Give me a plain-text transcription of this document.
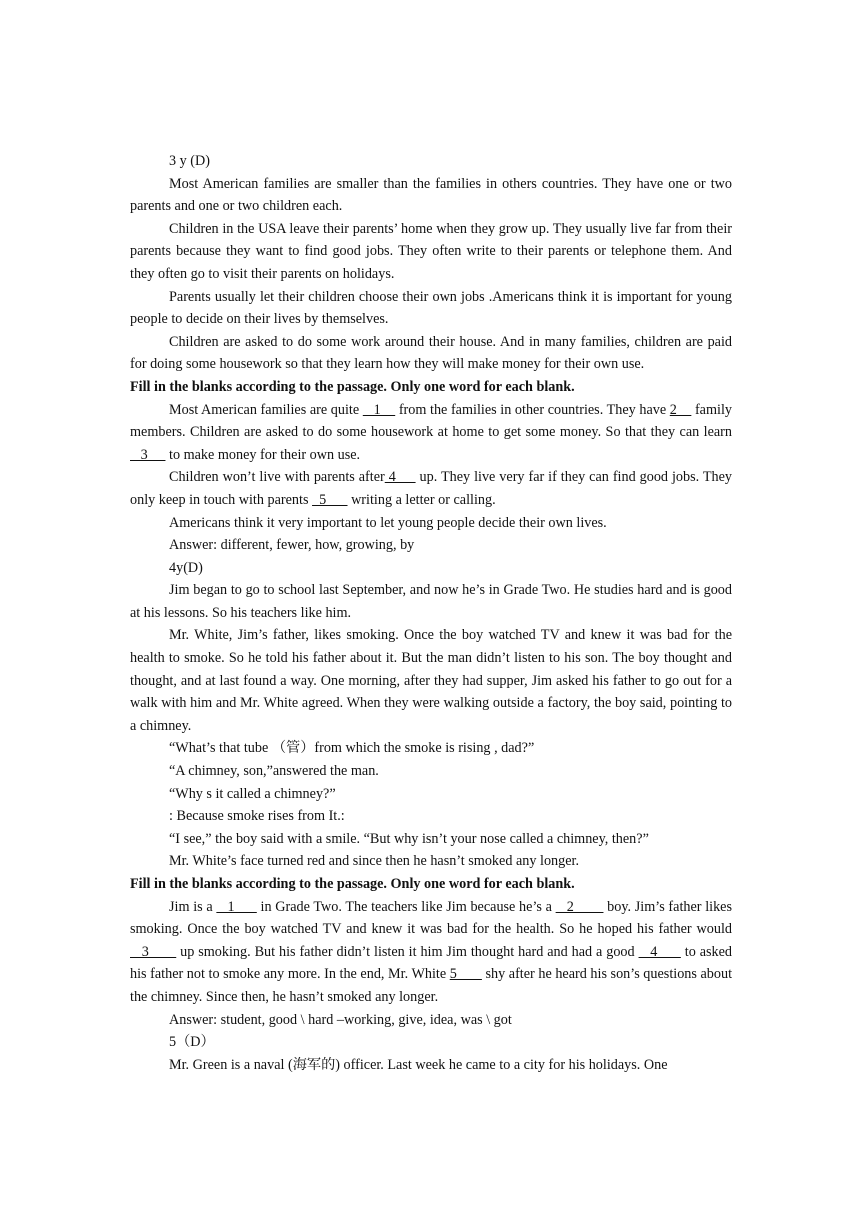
3 y (D)

Most American families are smaller than the families in others countries. They have one or two parents and one or two children each.

Children in the USA leave their parents’ home when they grow up. They usually live far from their parents because they want to find good jobs. They often write to their parents or telephone them. And they often go to visit their parents on holidays.

Parents usually let their children choose their own jobs .Americans think it is important for young people to decide on their lives by themselves.

Children are asked to do some work around their house. And in many families, children are paid for doing some housework so that they learn how they will make money for their own use.

Fill in the blanks according to the passage. Only one word for each blank.

Most American families are quite    1     from the families in other countries. They have 2     family members. Children are asked to do some housework at home to get some money. So that they can learn    3      to make money for their own use.

Children won’t live with parents after 4      up. They live very far if they can find good jobs. They only keep in touch with parents   5       writing a letter or calling.

Americans think it very important to let young people decide their own lives.

Answer: different, fewer, how, growing, by

4y(D)

Jim began to go to school last September, and now he’s in Grade Two. He studies hard and is good at his lessons. So his teachers like him.

Mr. White, Jim’s father, likes smoking. Once the boy watched TV and knew it was bad for the health to smoke. So he told his father about it. But the man didn’t listen to his son. The boy thought and thought, and at last found a way. One morning, after they had supper, Jim asked his father to go out for a walk with him and Mr. White agreed. When they were walking outside a factory, the boy said, pointing to a chimney.

“What’s that tube （管）from which the smoke is rising , dad?”

“A chimney, son,”answered the man.

“Why s it called a chimney?”

: Because smoke rises from It.:

“I see,” the boy said with a smile. “But why isn’t your nose called a chimney, then?”

Mr. White’s face turned red and since then he hasn’t smoked any longer.

Fill in the blanks according to the passage. Only one word for each blank.

Jim is a    1       in Grade Two. The teachers like Jim because he’s a    2         boy. Jim’s father likes smoking. Once the boy watched TV and knew it was bad for the health. So he hoped his father would    3        up smoking. But his father didn’t listen it him Jim thought hard and had a good    4       to asked his father not to smoke any more. In the end, Mr. White 5        shy after he heard his son’s questions about the chimney. Since then, he hasn’t smoked any longer.

Answer: student, good \ hard –working, give, idea, was \ got

5（D）

Mr. Green is a naval (海军的) officer. Last week he came to a city for his holidays. One
